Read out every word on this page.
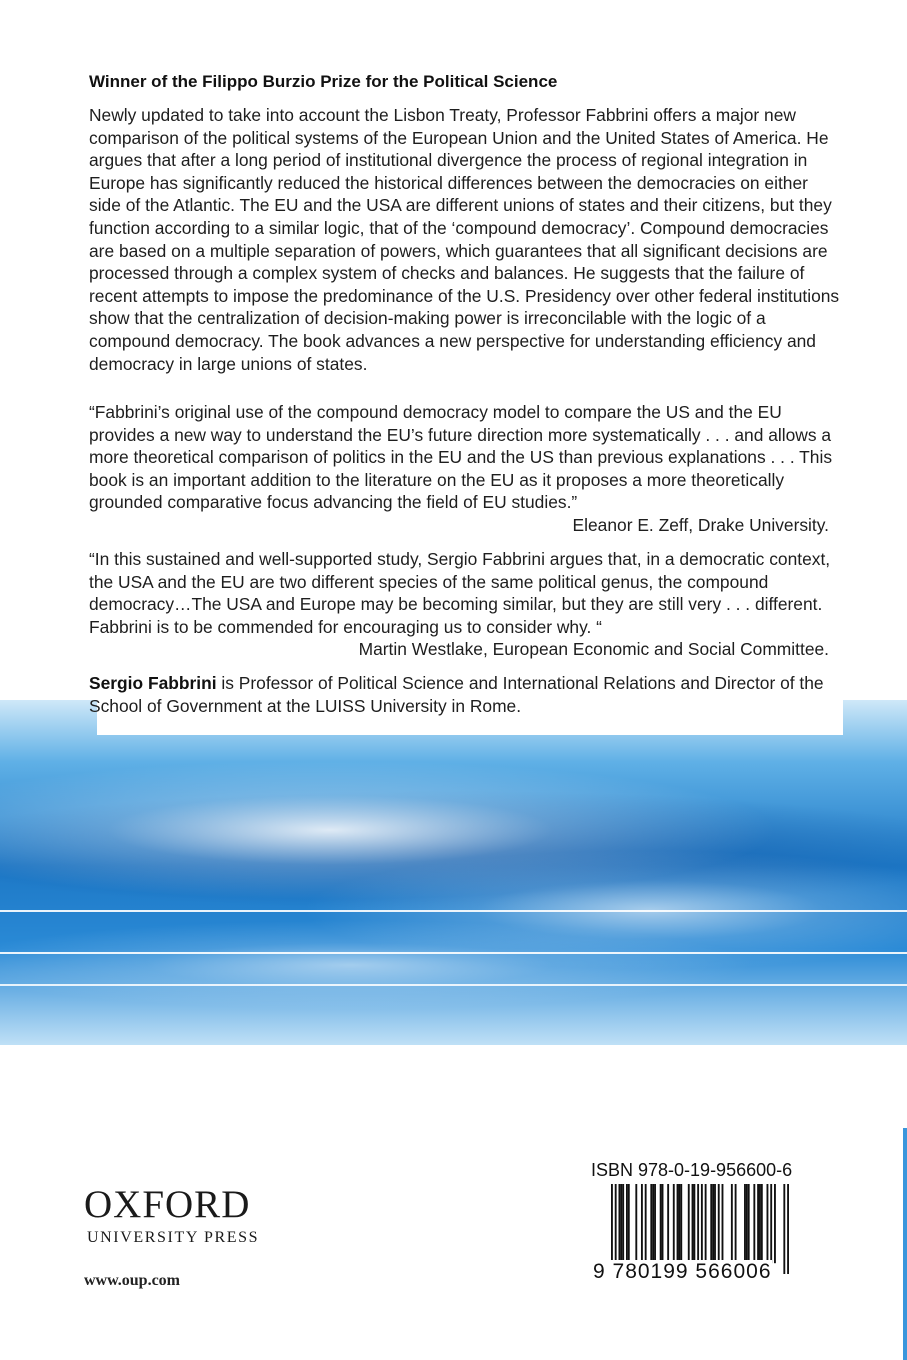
Winner of the Filippo Burzio Prize for the Political Science

Newly updated to take into account the Lisbon Treaty, Professor Fabbrini offers a major new comparison of the political systems of the European Union and the United States of America. He argues that after a long period of institutional divergence the process of regional integration in Europe has significantly reduced the historical differences between the democracies on either side of the Atlantic. The EU and the USA are different unions of states and their citizens, but they function according to a similar logic, that of the ‘compound democracy’. Compound democracies are based on a multiple separation of powers, which guarantees that all significant decisions are processed through a complex system of checks and balances. He suggests that the failure of recent attempts to impose the predominance of the U.S. Presidency over other federal institutions show that the centralization of decision-making power is irreconcilable with the logic of a compound democracy. The book advances a new perspective for understanding efficiency and democracy in large unions of states.

“Fabbrini’s original use of the compound democracy model to compare the US and the EU provides a new way to understand the EU’s future direction more systematically . . . and allows a more theoretical comparison of politics in the EU and the US than previous explanations . . . This book is an important addition to the literature on the EU as it proposes a more theoretically grounded comparative focus advancing the field of EU studies.”
Eleanor E. Zeff, Drake University.

“In this sustained and well-supported study, Sergio Fabbrini argues that, in a democratic context, the USA and the EU are two different species of the same political genus, the compound democracy…The USA and Europe may be becoming similar, but they are still very . . . different. Fabbrini is to be commended for encouraging us to consider why. “
Martin Westlake, European Economic and Social Committee.

Sergio Fabbrini is Professor of Political Science and International Relations and Director of the School of Government at the LUISS University in Rome.

OXFORD
UNIVERSITY PRESS
www.oup.com
ISBN 978-0-19-956600-6
9 780199 566006
